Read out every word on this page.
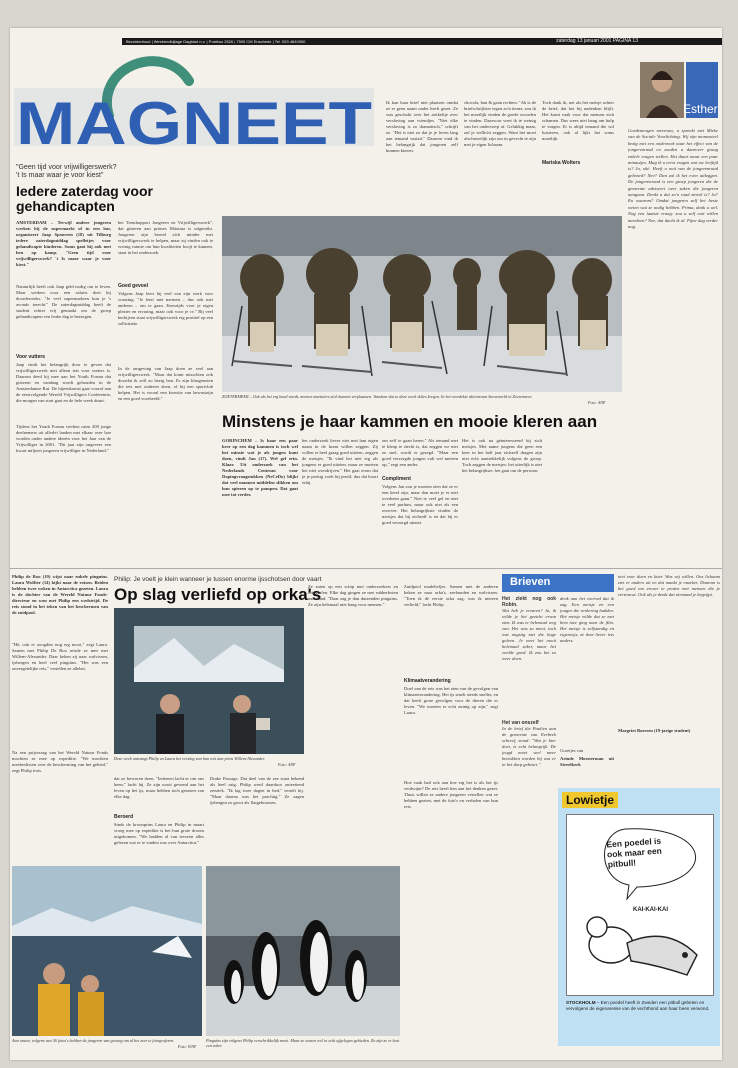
Bezuidenhout | Weekendbijlage Dagblad n.v. | Postbus 2526 | 7500 CM Enschede | Tel. 053 4840000	zaterdag 13 januari 2001 PAGINA 13
MAGNEET	Esther
Ik kan haar brief niet plaatsen omdat ze er geen naam onder heeft gezet. Ze was geschokt over het artikeltje over verslaving aan vriendjes. "Niet elke verslaving is zo dramatisch," schrijft ze. "Het is niet zo dat je je leven lang aan iemand vastzit." Daarom vind ik het belangrijk dat jongeren zelf kunnen kiezen.
chocola, ban & gaan rechten." Ab is de briefschrijfster tegen zo'n tiener, zou ik het moeilijk vinden de goede woorden te vinden. Daarvoor weet ik te weinig van het onderwerp af. Gelukkig maar, zul je wellicht zeggen. Want het moet afschuwelijk zijn om in gevecht te zijn met je eigen lichaam.
Toch dank ik, net als het meisje achter de brief, dat het bij nadenken blijft. Het komt vaak voor dat mensen zich schamen. Dus wees niet bang om hulp te vragen. Er is altijd iemand die wil luisteren, ook al lijkt het soms moeilijk.
Mariska Wolters
Goedemorgen mevrouw, u spreekt met Mieke van de Sociale Voorlichting. Wij zijn momenteel bezig met een onderzoek naar het effect van de jongerenraad en zouden u daarover graag enkele vragen stellen. Het duurt maar een paar minuutjes. Mag ik u eerst vragen wat uw leeftijd is? Ja, oké. Heeft u ooit van de jongerenraad gehoord? Nee? Dan zal ik het even uitleggen. De jongerenraad is een groep jongeren die de gemeente adviseert over zaken die jongeren aangaan. Denkt u dat zo'n raad zinvol is? Ja? En waarom? Omdat jongeren zelf het beste weten wat ze nodig hebben. Prima, dank u wel. Nog een laatste vraag: zou u zelf ooit willen meedoen? Nee, dat dacht ik al. Fijne dag verder nog.
"Geen tijd voor vrijwilligerswerk?
't Is maar waar je voor kiest"
Iedere zaterdag voor gehandicapten
AMSTERDAM – Terwijl andere jongeren werken bij de supermarkt of in een bar, organiseert Jaap Spoorren (18) uit Tilburg iedere zaterdagmiddag spelletjes voor gehandicapte kinderen. Soms gaat hij ook met hen op kamp. "Geen tijd voor vrijwilligerswerk? 't Is maar waar je voor kiest."
Natuurlijk heeft ook Jaap geld nodig om te leven. Maar werken voor een salaris doet hij doordeweeks. "Je veel supermarkten kun je 's avonds terecht." De zaterdagmiddag heeft de student echter vrij gemaakt om de groep gehandicapten een leuke dag te bezorgen.
Voor vutters
Jaap vindt het belangrijk door te geven dat vrijwilligerswerk niet alleen iets voor vutters is. Daarom deed hij mee aan het Youth Forum dat gisteren en vandaag wordt gehouden in de Amsterdamse Rai. De bijeenkomst gaat vooraf aan de eerstvolgende Wereld Vrijwilligers Conferentie, die morgen van start gaat en de hele week duurt.
Tijdens het Youth Forum werken ruim 200 jonge deelnemers uit allerlei landen met elkaar over hoe worden onder andere ideeën voor het Jaar van de Vrijwilliger in 2001. "Dit jaar zijn ongeveer een kwart miljoen jongeren vrijwilliger in Nederland."
het Trendrapport Jongeren en Vrijwilligerswerk", dat gisteren aan prinses Máxima is uitgereikt. Jongeren zijn bereid zich minder met vrijwilligerswerk te helpen, maar zij vinden ook te weinig ruimte om hun kwaliteiten kwijt te kunnen, staat in het onderzoek.
Goed gevoel
Volgens Jaap leert hij veel van zijn werk voor scouting. "Je leert met mensen – dus ook met anderen – om te gaan. Enerzijds voor je eigen plezier en ervaring, maar ook voor je cv." Bij veel bedrijven staat vrijwilligerswerk erg positief op een sollicitatie.
In de omgeving van Jaap doen ze veel aan vrijwilligerswerk. "Maar dat komt misschien ook doordat ik zelf zo bezig ben. Er zijn klasgenoten die iets met ouderen doen, of bij een sportclub helpen. Het is vooral een kwestie van bewustzijn en een goed voorbeeld."	ZOETERMEER – Ook als het erg koud wordt, moeten mariniers zich kunnen verplaatsen. Vandaar dat ze deze week skiles kregen. In het overdekte skicentrum Snowworld in Zoetermeer.
Foto: ANP
Minstens je haar kammen en mooie kleren aan
GORINCHEM – Is haar een paar keer op een dag kammen is toch wel het minste wat je als jongen kunt doen, vindt Jan (17). Wel gel erin. Klaar. Uit onderzoek van het Nederlands Centrum voor Dopingvraagstukken (NeCeDo) blijkt dat veel mannen middelen slikken om hun spieren op te pompen. Dat gaat mee tot verder.
het onderzoek liever niet met hun eigen naam in de krant willen zeggen. Zij willen er heel graag goed uitzien, zeggen de meisjes. "Ik vind het niet erg als jongens er goed uitzien, maar ze moeten het niet overdrijven." Het gaat erom dat je je prettig voelt bij jezelf, dus dat hoort erbij.
om zelf te gaan beren." Als iemand met te kleap te slecht is, dat zeggen we niet zo snel, wordt er gezegd. "Maar een goed verzorgde jongen valt wel meteen op," zegt een ander.
Compliment
Volgens Jan zou je moeten zien dat ze er een kerel zijn, maar dan moet je er niet overheen gaan." Niet te veel gel en niet te veel parfum, maar ook niet als een zwerver. Het belangrijkste vinden de meisjes dat hij zichzelf is en dat hij er goed verzorgd uitziet.
Het is ook na geïnteresseerd bij zich meisjes. Met name jongens die geen een keer in het half jaar zichzelf dragen zijn niet echt aantrekkelijk volgens de groep. Toch zeggen de meisjes: het uiterlijk is niet het belangrijkste, het gaat om de persoon.
Philip de Roo (19) wijst naar enkele pinguïns. Laura Wolfter (14) kijkt naar de rotsen. Beiden hebben twee weken in Antarctica gezeten. Laura is de dochter van de Wereld Natuur Fonds-directeur en won met Philip een wedstrijd. De reis stond in het teken van het beschermen van de zuidpool.
"Hé, ook er zoogdier nog erg mooi," zegt Laura. Samen met Philip De Roo reisde ze mee met Willem-Alexander. Daar keken zij naar walvissen, ijsbergen en heel veel pinguïns. "Het was een onvergetelijke reis," vertellen ze allebei.
Na een prijsvraag van het Wereld Natuur Fonds mochten ze mee op expeditie. "We mochten meebeslissen over de bescherming van het gebied," zegt Philip trots.
Philip: Je voelt je klein wanneer je tussen enorme ijsschotsen door vaart
Op slag verliefd op orka's
Deze week ontvangt Philip en Laura het verslag van hun reis aan prins Willem-Alexander.
Foto: ANP
dat zo bevroren doen, "Iedereen lacht er om ons heen," lacht hij. Ze zijn nooit gewend aan het leven op het ijs, maar hebben toch genoten van elke dag.
Beroerd
Sinds de kroonprins Laura en Philip in maart vroeg mee op expeditie is het hun grote droom uitgekomen. "We hadden al van tevoren alles gelezen wat er te vinden was over Antarctica."
Drake Passage. Dat deel van de zee staat bekend als heel ruig. Philip werd daardoor ontzettend zeeziek. "Ik lag twee dagen in bed," vertelt hij. "Maar daarna was het prachtig." Ze zagen ijsbergen zo groot als flatgebouwen.
Ze zaten op een schip met onderzoekers en fotografen. Elke dag gingen ze met rubberboten naar land. "Daar zag je dan duizenden pinguïns. Ze zijn helemaal niet bang voor mensen."
Zuidpool madeliefjes. Samen met de anderen keken ze naar orka's, zeehonden en walvissen. "Toen ik de eerste orka zag, was ik meteen verliefd," lacht Philip.
Klimaatverandering
Doel van de reis was het zien van de gevolgen van klimaatverandering. Het ijs smelt steeds sneller, en dat heeft grote gevolgen voor de dieren die er leven. "We moeten er echt zuinig op zijn," zegt Laura.
Hoe vaak had ook aan hoe erg het is als het ijs verdwijnt? De reis heeft hen aan het denken gezet. Thuis willen ze andere jongeren vertellen wat ze hebben gezien, met de foto's en verhalen van hun reis.
Aan onzen, volgens van 36 fotos's hebben de jongeren van genoeg om al het zeer te fotograferen.
Foto: WNF
Pinguïns zijn volgens Philip verschrikkelijk mooi. Maar ze wonen wel in echt afgelegen gebieden. Zo zijn ze er best een zeker.
Brieven
Het ziekt nog ook Robin.
Wat heb je ervaren? Ja, ik wilde je het gezicht ervan zien. Ik was er helemaal weg van. Het was zo mooi, toch wat angstig met die hoge golven. Je weet het nooit helemaal zeker, maar het voelde goed. Ik zou het zo weer doen.
Het van onszelf
In de brief die Paulien aan de gemeente van Eerbeek schreef, stond: "Wat je hier doet, is echt belangrijk. De jeugd moet veel meer betrokken worden bij wat er in het dorp gebeurt."
denk aan het voorval dat ik zag. Een meisje en een jongen die verkering hadden. Het meisje wilde dat ze met hem mee ging naar de film. Het meisje is zelfstandig en eigenwijs, ze doet liever iets anders.
Groetjes van
Arinde Moesterman uit Streefkerk
niet voor doen en later. Was wij willen. Ons lichaam ziet er anders uit en dat maakt je onzeker. Daarom is het goed om erover te praten met mensen die je vertrouwt. Ook als je denkt dat niemand je begrijpt.
Margriet Boersen (19-jarige student)
Lowietje
Een poedel is ook maar een pitbull!
KAI-KAI-KAI
STOCKHOLM – Een poedel heeft in Zweden een pitbull gebeten en vervolgens de eigenaresse van de vechthond aan haar been verwond.
